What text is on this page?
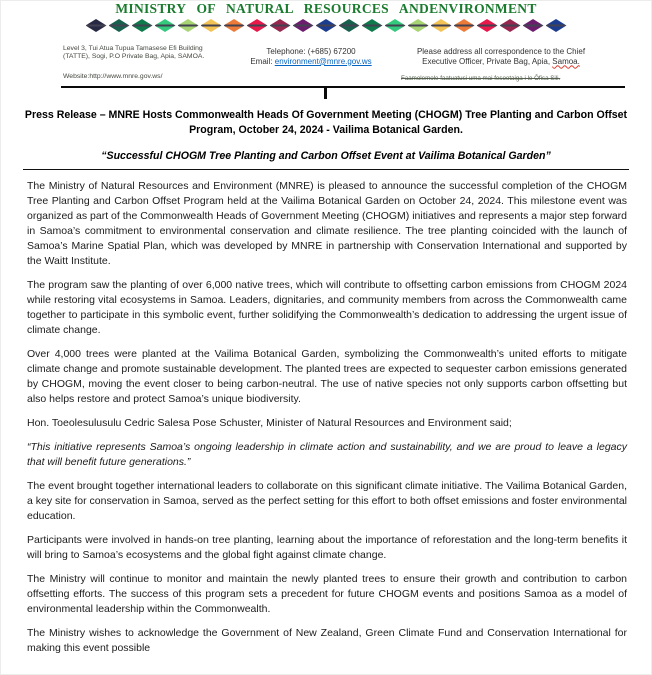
MINISTRY OF NATURAL RESOURCES ANDENVIRONMENT

Level 3, Tui Atua Tupua Tamasese Efi Building (TATTE), Sogi, P.O Private Bag, Apia, SAMOA.

Website:http://www.mnre.gov.ws/

Telephone: (+685) 67200

Email: environment@mnre.gov.ws

Please address all correspondence to the Chief Executive Officer, Private Bag, Apia, Samoa.

Faamolemole faatuatusi uma mai fesootaiga i le Ōfisa Sili.

Press Release – MNRE Hosts Commonwealth Heads Of Government Meeting (CHOGM) Tree Planting and Carbon Offset Program, October 24, 2024 - Vailima Botanical Garden.
“Successful CHOGM Tree Planting and Carbon Offset Event at Vailima Botanical Garden”

The Ministry of Natural Resources and Environment (MNRE) is pleased to announce the successful completion of the CHOGM Tree Planting and Carbon Offset Program held at the Vailima Botanical Garden on October 24, 2024. This milestone event was organized as part of the Commonwealth Heads of Government Meeting (CHOGM) initiatives and represents a major step forward in Samoa’s commitment to environmental conservation and climate resilience. The tree planting coincided with the launch of Samoa’s Marine Spatial Plan, which was developed by MNRE in partnership with Conservation International and supported by the Waitt Institute.

The program saw the planting of over 6,000 native trees, which will contribute to offsetting carbon emissions from CHOGM 2024 while restoring vital ecosystems in Samoa. Leaders, dignitaries, and community members from across the Commonwealth came together to participate in this symbolic event, further solidifying the Commonwealth’s dedication to addressing the urgent issue of climate change.

Over 4,000 trees were planted at the Vailima Botanical Garden, symbolizing the Commonwealth’s united efforts to mitigate climate change and promote sustainable development. The planted trees are expected to sequester carbon emissions generated by CHOGM, moving the event closer to being carbon-neutral. The use of native species not only supports carbon offsetting but also helps restore and protect Samoa’s unique biodiversity.

Hon. Toeolesulusulu Cedric Salesa Pose Schuster, Minister of Natural Resources and Environment said;

“This initiative represents Samoa’s ongoing leadership in climate action and sustainability, and we are proud to leave a legacy that will benefit future generations.”

The event brought together international leaders to collaborate on this significant climate initiative. The Vailima Botanical Garden, a key site for conservation in Samoa, served as the perfect setting for this effort to both offset emissions and foster environmental education.

Participants were involved in hands-on tree planting, learning about the importance of reforestation and the long-term benefits it will bring to Samoa’s ecosystems and the global fight against climate change.

The Ministry will continue to monitor and maintain the newly planted trees to ensure their growth and contribution to carbon offsetting efforts. The success of this program sets a precedent for future CHOGM events and positions Samoa as a model of environmental leadership within the Commonwealth.

The Ministry wishes to acknowledge the Government of New Zealand, Green Climate Fund and Conservation International for making this event possible
